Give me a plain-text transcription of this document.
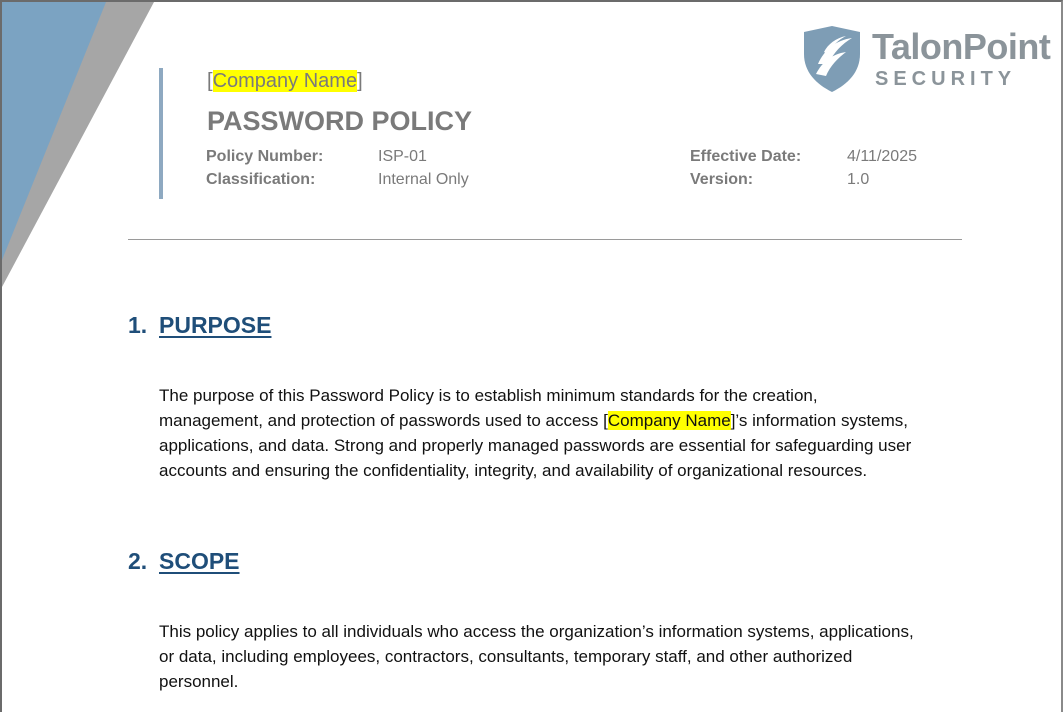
TalonPoint
SECURITY
[Company Name]
PASSWORD POLICY
Policy Number:	ISP-01
Classification:	Internal Only
Effective Date:	4/11/2025
Version:	1.0
1. PURPOSE
The purpose of this Password Policy is to establish minimum standards for the creation,
management, and protection of passwords used to access [Company Name]’s information systems,
applications, and data. Strong and properly managed passwords are essential for safeguarding user
accounts and ensuring the confidentiality, integrity, and availability of organizational resources.
2. SCOPE
This policy applies to all individuals who access the organization’s information systems, applications,
or data, including employees, contractors, consultants, temporary staff, and other authorized
personnel.
